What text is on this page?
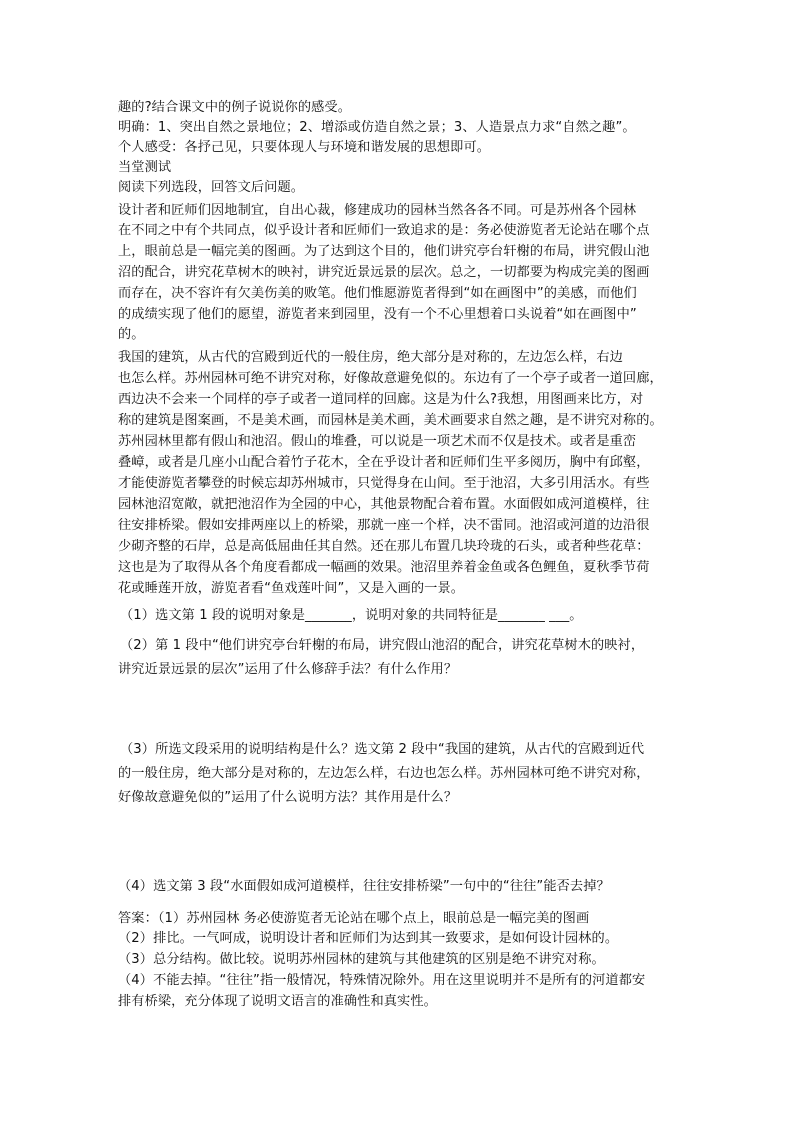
趣的?结合课文中的例子说说你的感受。
明确：1、突出自然之景地位；2、增添或仿造自然之景；3、人造景点力求“自然之趣”。
个人感受：各抒己见，只要体现人与环境和谐发展的思想即可。
当堂测试
阅读下列选段，回答文后问题。
设计者和匠师们因地制宜，自出心裁，修建成功的园林当然各各不同。可是苏州各个园林
在不同之中有个共同点，似乎设计者和匠师们一致追求的是：务必使游览者无论站在哪个点
上，眼前总是一幅完美的图画。为了达到这个目的，他们讲究亭台轩榭的布局，讲究假山池
沼的配合，讲究花草树木的映衬，讲究近景远景的层次。总之，一切都要为构成完美的图画
而存在，决不容许有欠美伤美的败笔。他们惟愿游览者得到“如在画图中”的美感，而他们
的成绩实现了他们的愿望，游览者来到园里，没有一个不心里想着口头说着“如在画图中”
的。
我国的建筑，从古代的宫殿到近代的一般住房，绝大部分是对称的，左边怎么样，右边
也怎么样。苏州园林可绝不讲究对称，好像故意避免似的。东边有了一个亭子或者一道回廊，
西边决不会来一个同样的亭子或者一道同样的回廊。这是为什么?我想，用图画来比方，对
称的建筑是图案画，不是美术画，而园林是美术画，美术画要求自然之趣，是不讲究对称的。
苏州园林里都有假山和池沼。假山的堆叠，可以说是一项艺术而不仅是技术。或者是重峦
叠嶂，或者是几座小山配合着竹子花木，全在乎设计者和匠师们生平多阅历，胸中有邱壑，
才能使游览者攀登的时候忘却苏州城市，只觉得身在山间。至于池沼，大多引用活水。有些
园林池沼宽敞，就把池沼作为全园的中心，其他景物配合着布置。水面假如成河道模样，往
往安排桥梁。假如安排两座以上的桥梁，那就一座一个样，决不雷同。池沼或河道的边沿很
少砌齐整的石岸，总是高低屈曲任其自然。还在那儿布置几块玲珑的石头，或者种些花草：
这也是为了取得从各个角度看都成一幅画的效果。池沼里养着金鱼或各色鲤鱼，夏秋季节荷
花或睡莲开放，游览者看“鱼戏莲叶间”，又是入画的一景。
（1）选文第 1 段的说明对象是_______，说明对象的共同特征是_______ ___。
（2）第 1 段中“他们讲究亭台轩榭的布局，讲究假山池沼的配合，讲究花草树木的映衬，
讲究近景远景的层次”运用了什么修辞手法？有什么作用？
（3）所选文段采用的说明结构是什么？选文第 2 段中“我国的建筑，从古代的宫殿到近代
的一般住房，绝大部分是对称的，左边怎么样，右边也怎么样。苏州园林可绝不讲究对称，
好像故意避免似的”运用了什么说明方法？其作用是什么？
（4）选文第 3 段“水面假如成河道模样，往往安排桥梁”一句中的“往往”能否去掉？
答案：（1）苏州园林 务必使游览者无论站在哪个点上，眼前总是一幅完美的图画
（2）排比。一气呵成，说明设计者和匠师们为达到其一致要求，是如何设计园林的。
（3）总分结构。做比较。说明苏州园林的建筑与其他建筑的区别是绝不讲究对称。
（4）不能去掉。“往往”指一般情况，特殊情况除外。用在这里说明并不是所有的河道都安
排有桥梁，充分体现了说明文语言的准确性和真实性。
